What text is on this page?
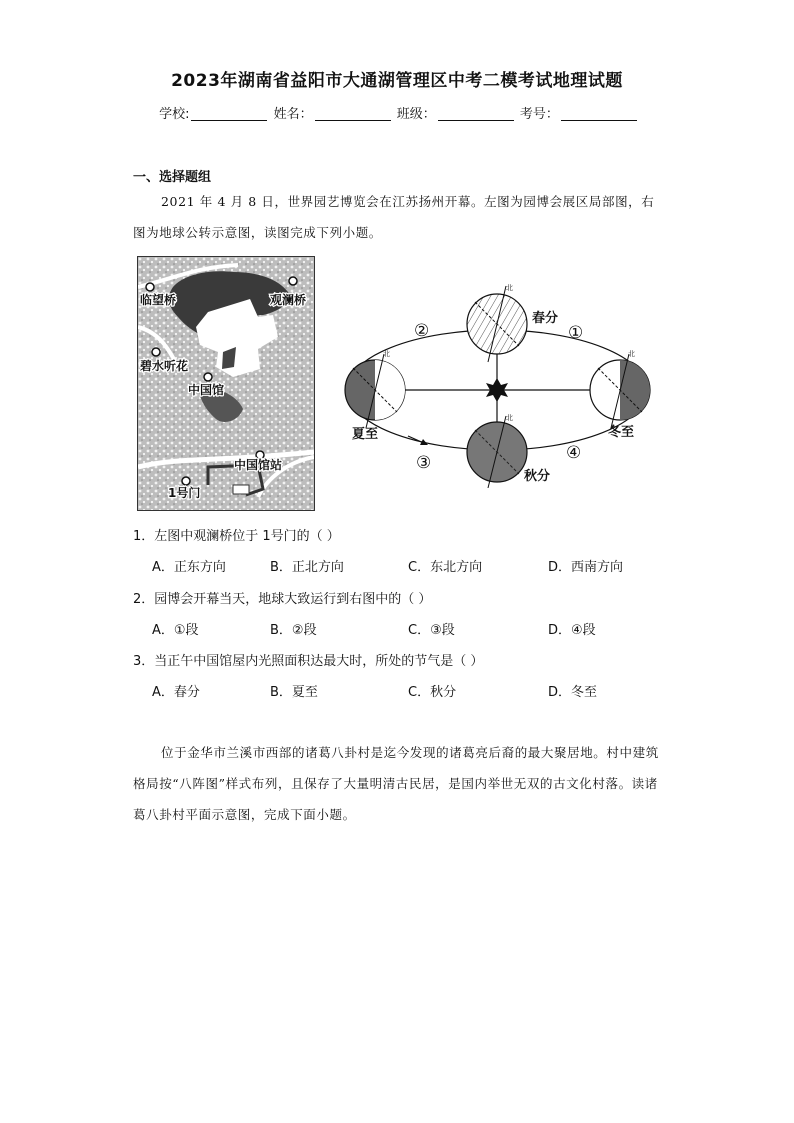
2023年湖南省益阳市大通湖管理区中考二模考试地理试题
学校:	姓名：	班级：	考号：
一、选择题组
2021 年 4 月 8 日，世界园艺博览会在江苏扬州开幕。左图为园博会展区局部图，右图为地球公转示意图，读图完成下列小题。
临望桥	观澜桥
碧水听花
中国馆
中国馆站
1号门
春分
夏至
秋分
冬至
①
②
③	④
北
北	北
北
1．左图中观澜桥位于 1号门的（ ）
A．正东方向	B．正北方向	C．东北方向	D．西南方向
2．园博会开幕当天，地球大致运行到右图中的（ ）
A．①段	B．②段	C．③段	D．④段
3．当正午中国馆屋内光照面积达最大时，所处的节气是（ ）
A．春分	B．夏至	C．秋分	D．冬至
位于金华市兰溪市西部的诸葛八卦村是迄今发现的诸葛亮后裔的最大聚居地。村中建筑格局按“八阵图”样式布列，且保存了大量明清古民居，是国内举世无双的古文化村落。读诸葛八卦村平面示意图，完成下面小题。
